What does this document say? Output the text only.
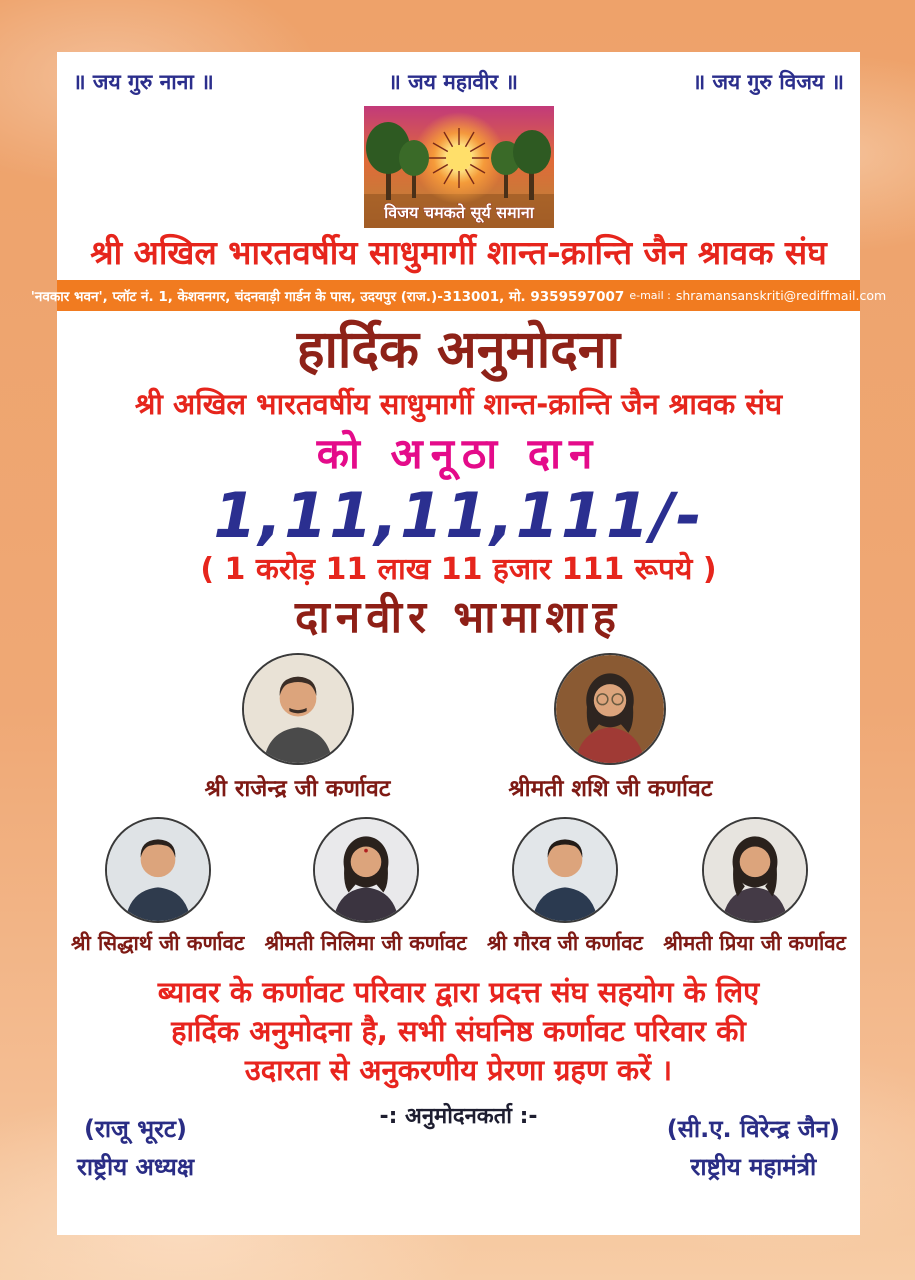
॥ जय गुरु नाना ॥	॥ जय महावीर ॥	॥ जय गुरु विजय ॥
विजय चमकते सूर्य समाना
श्री अखिल भारतवर्षीय साधुमार्गी शान्त-क्रान्ति जैन श्रावक संघ
'नवकार भवन', प्लॉट नं. 1, केशवनगर, चंदनवाड़ी गार्डन के पास, उदयपुर (राज.)-313001, मो. 9359597007 e-mail : shramansanskriti@rediffmail.com
हार्दिक अनुमोदना
श्री अखिल भारतवर्षीय साधुमार्गी शान्त-क्रान्ति जैन श्रावक संघ
को अनूठा दान
1,11,11,111/-
( 1 करोड़ 11 लाख 11 हजार 111 रूपये )
दानवीर भामाशाह
श्री राजेन्द्र जी कर्णावट	श्रीमती शशि जी कर्णावट
श्री सिद्धार्थ जी कर्णावट श्रीमती निलिमा जी कर्णावट श्री गौरव जी कर्णावट श्रीमती प्रिया जी कर्णावट

ब्यावर के कर्णावट परिवार द्वारा प्रदत्त संघ सहयोग के लिए
हार्दिक अनुमोदना है, सभी संघनिष्ठ कर्णावट परिवार की
उदारता से अनुकरणीय प्रेरणा ग्रहण करें ।

-: अनुमोदनकर्ता :-
(राजू भूरट)
राष्ट्रीय अध्यक्ष
(सी.ए. विरेन्द्र जैन)
राष्ट्रीय महामंत्री
